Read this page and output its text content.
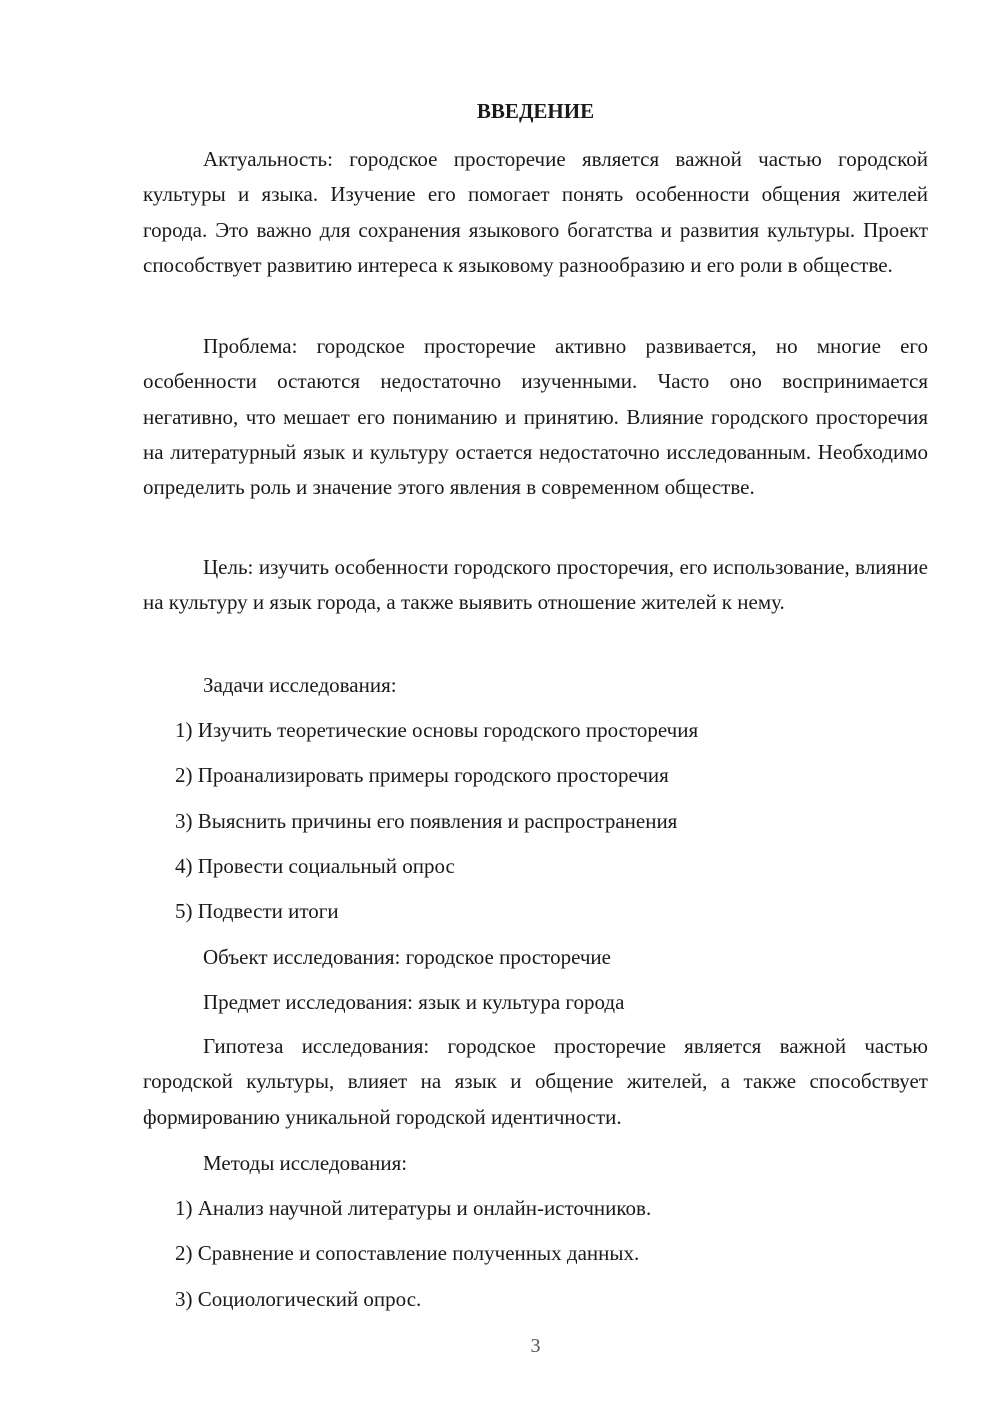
ВВЕДЕНИЕ

Актуальность: городское просторечие является важной частью городской культуры и языка. Изучение его помогает понять особенности общения жителей города. Это важно для сохранения языкового богатства и развития культуры. Проект способствует развитию интереса к языковому разнообразию и его роли в обществе.

Проблема: городское просторечие активно развивается, но многие его особенности остаются недостаточно изученными. Часто оно воспринимается негативно, что мешает его пониманию и принятию. Влияние городского просторечия на литературный язык и культуру остается недостаточно исследованным. Необходимо определить роль и значение этого явления в современном обществе.

Цель: изучить особенности городского просторечия, его использование, влияние на культуру и язык города, а также выявить отношение жителей к нему.

Задачи исследования:

1) Изучить теоретические основы городского просторечия

2) Проанализировать примеры городского просторечия

3) Выяснить причины его появления и распространения

4) Провести социальный опрос

5) Подвести итоги

Объект исследования: городское просторечие

Предмет исследования: язык и культура города

Гипотеза исследования: городское просторечие является важной частью городской культуры, влияет на язык и общение жителей, а также способствует формированию уникальной городской идентичности.

Методы исследования:

1) Анализ научной литературы и онлайн-источников.

2) Сравнение и сопоставление полученных данных.

3) Социологический опрос.

3
